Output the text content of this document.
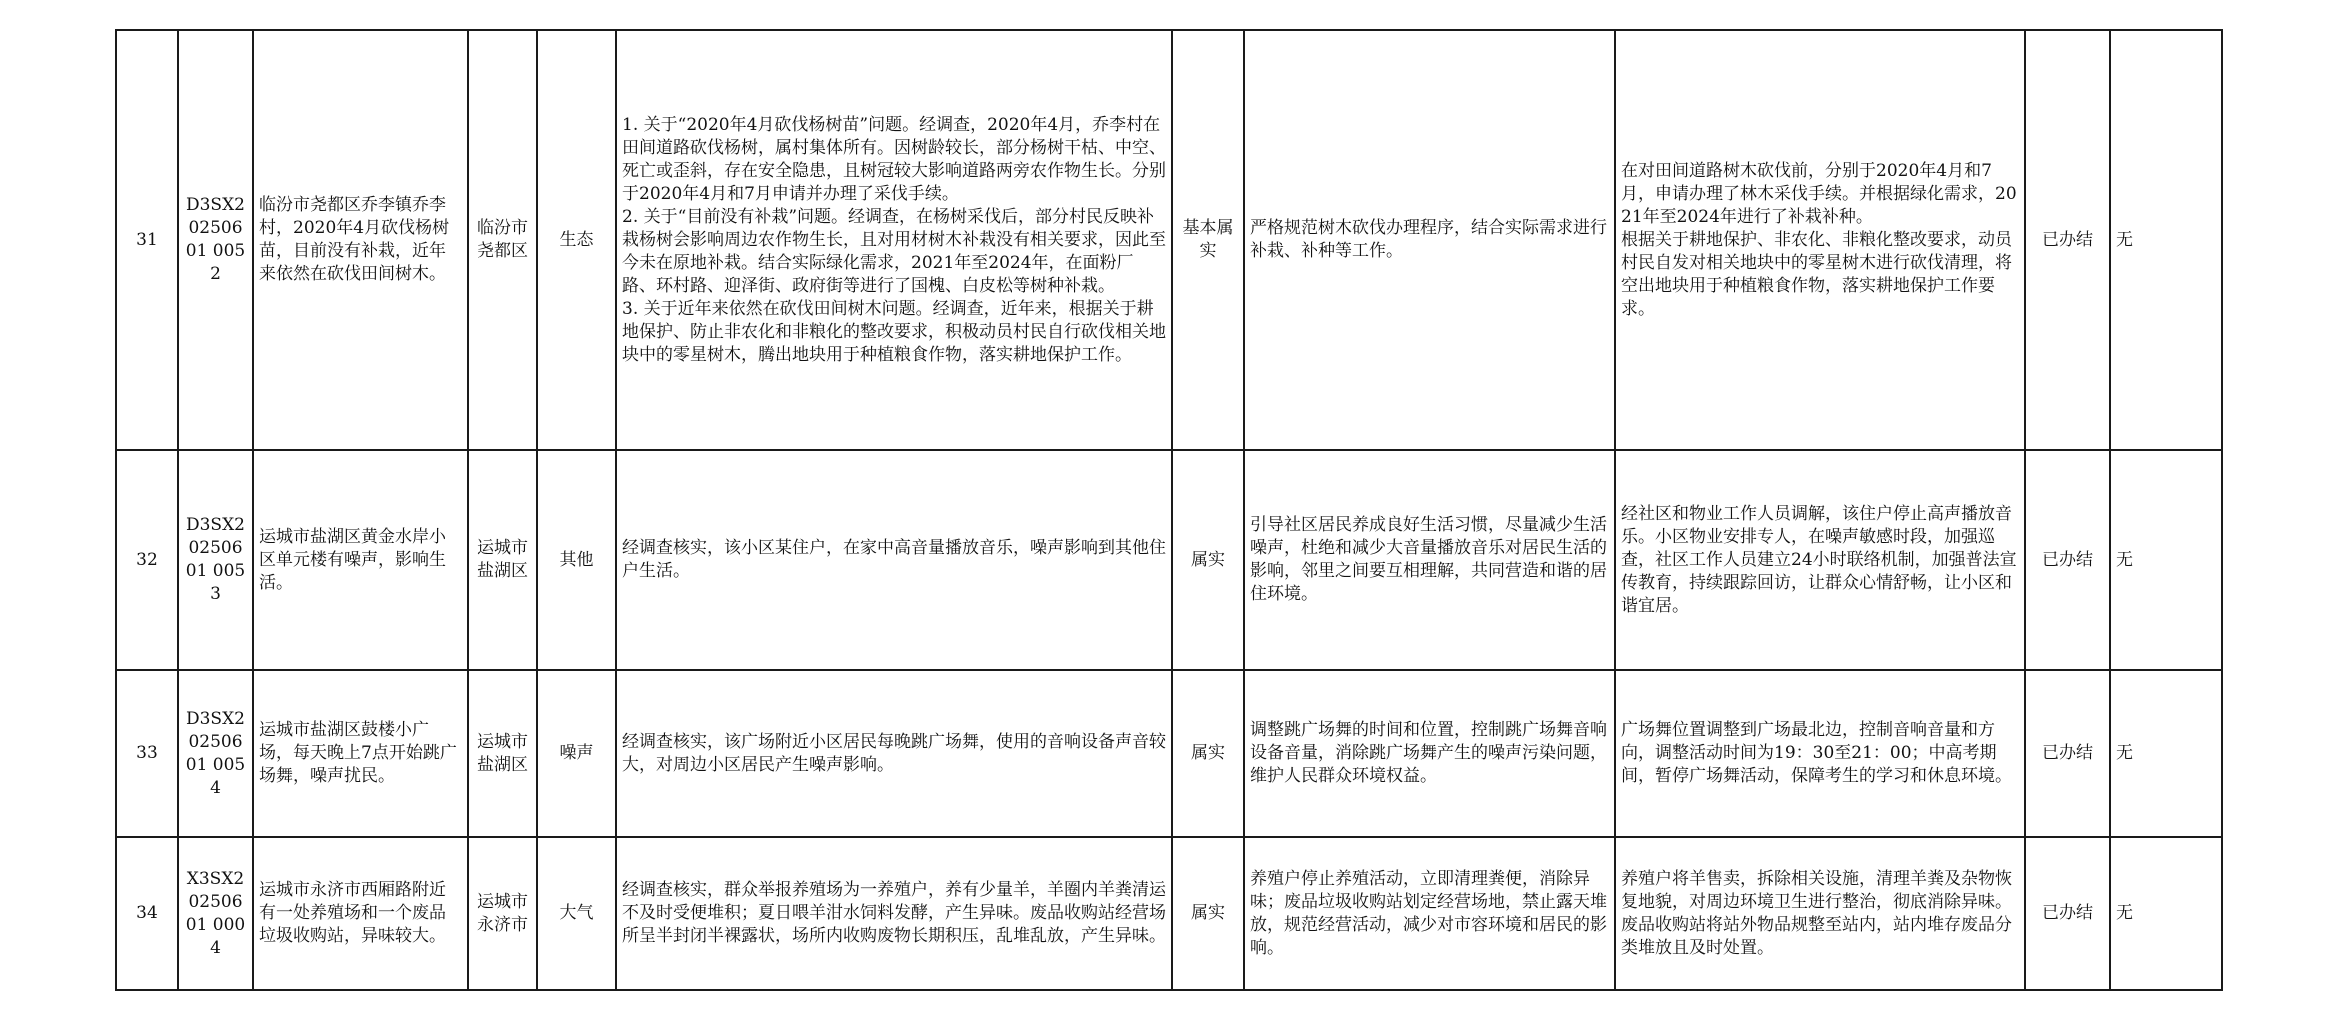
31	D3SX20250601 0052	临汾市尧都区乔李镇乔李村，2020年4月砍伐杨树苗，目前没有补栽，近年来依然在砍伐田间树木。	临汾市尧都区	生态	1. 关于“2020年4月砍伐杨树苗”问题。经调查，2020年4月，乔李村在田间道路砍伐杨树，属村集体所有。因树龄较长，部分杨树干枯、中空、死亡或歪斜，存在安全隐患，且树冠较大影响道路两旁农作物生长。分别于2020年4月和7月申请并办理了采伐手续。
2. 关于“目前没有补栽”问题。经调查，在杨树采伐后，部分村民反映补栽杨树会影响周边农作物生长，且对用材树木补栽没有相关要求，因此至今未在原地补栽。结合实际绿化需求，2021年至2024年，在面粉厂路、环村路、迎泽街、政府街等进行了国槐、白皮松等树种补栽。
3. 关于近年来依然在砍伐田间树木问题。经调查，近年来，根据关于耕地保护、防止非农化和非粮化的整改要求，积极动员村民自行砍伐相关地块中的零星树木，腾出地块用于种植粮食作物，落实耕地保护工作。	基本属实	严格规范树木砍伐办理程序，结合实际需求进行补栽、补种等工作。	在对田间道路树木砍伐前，分别于2020年4月和7月，申请办理了林木采伐手续。并根据绿化需求，2021年至2024年进行了补栽补种。
根据关于耕地保护、非农化、非粮化整改要求，动员村民自发对相关地块中的零星树木进行砍伐清理，将空出地块用于种植粮食作物，落实耕地保护工作要求。	已办结	无
32	D3SX20250601 0053	运城市盐湖区黄金水岸小区单元楼有噪声，影响生活。	运城市盐湖区	其他	经调查核实，该小区某住户，在家中高音量播放音乐，噪声影响到其他住户生活。	属实	引导社区居民养成良好生活习惯，尽量减少生活噪声，杜绝和减少大音量播放音乐对居民生活的影响，邻里之间要互相理解，共同营造和谐的居住环境。	经社区和物业工作人员调解，该住户停止高声播放音乐。小区物业安排专人，在噪声敏感时段，加强巡查，社区工作人员建立24小时联络机制，加强普法宣传教育，持续跟踪回访，让群众心情舒畅，让小区和谐宜居。	已办结	无
33	D3SX20250601 0054	运城市盐湖区鼓楼小广场，每天晚上7点开始跳广场舞，噪声扰民。	运城市盐湖区	噪声	经调查核实，该广场附近小区居民每晚跳广场舞，使用的音响设备声音较大，对周边小区居民产生噪声影响。	属实	调整跳广场舞的时间和位置，控制跳广场舞音响设备音量，消除跳广场舞产生的噪声污染问题，维护人民群众环境权益。	广场舞位置调整到广场最北边，控制音响音量和方向，调整活动时间为19：30至21：00；中高考期间，暂停广场舞活动，保障考生的学习和休息环境。	已办结	无
34	X3SX20250601 0004	运城市永济市西厢路附近有一处养殖场和一个废品垃圾收购站，异味较大。	运城市永济市	大气	经调查核实，群众举报养殖场为一养殖户，养有少量羊，羊圈内羊粪清运不及时受便堆积；夏日喂羊泔水饲料发酵，产生异味。废品收购站经营场所呈半封闭半裸露状，场所内收购废物长期积压，乱堆乱放，产生异味。	属实	养殖户停止养殖活动，立即清理粪便，消除异味；废品垃圾收购站划定经营场地，禁止露天堆放，规范经营活动，减少对市容环境和居民的影响。	养殖户将羊售卖，拆除相关设施，清理羊粪及杂物恢复地貌，对周边环境卫生进行整治，彻底消除异味。废品收购站将站外物品规整至站内，站内堆存废品分类堆放且及时处置。	已办结	无
